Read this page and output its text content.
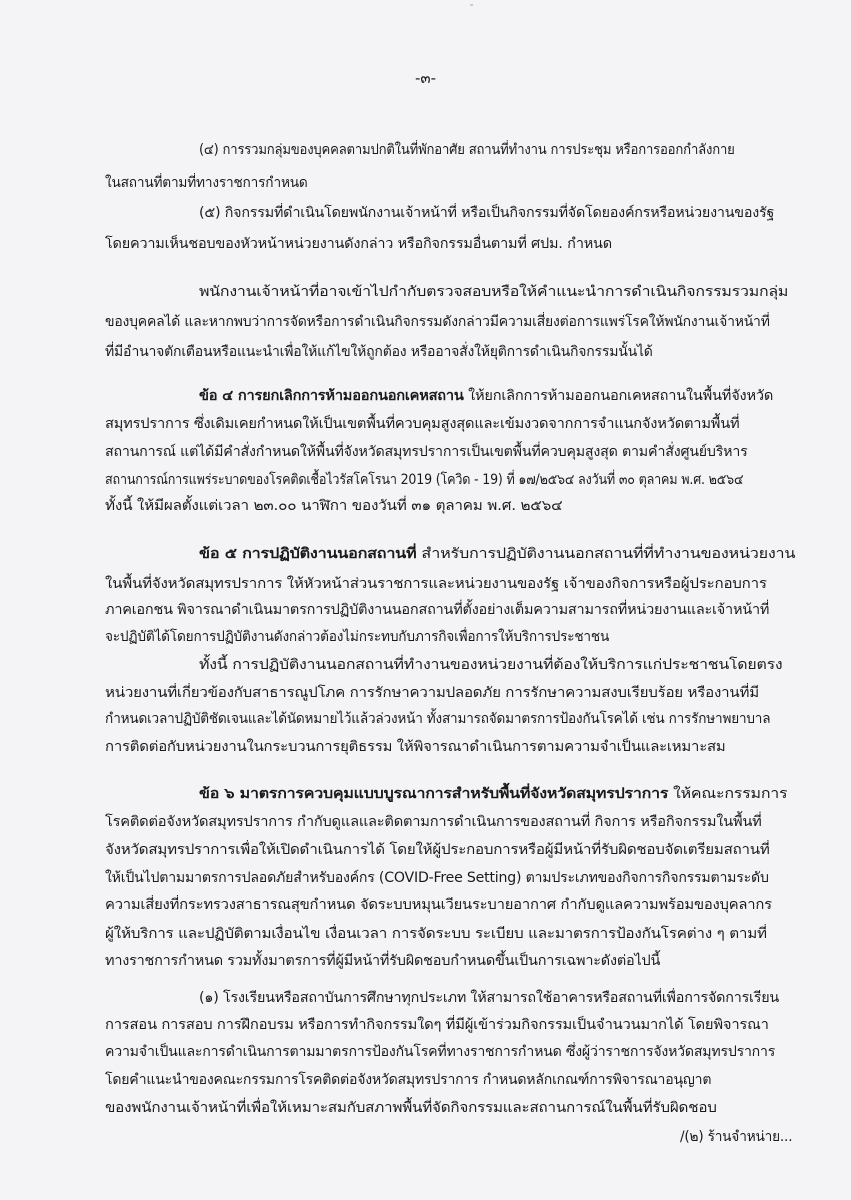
-๓-
(๔) การรวมกลุ่มของบุคคลตามปกติในที่พักอาศัย สถานที่ทำงาน การประชุม หรือการออกกำลังกาย
ในสถานที่ตามที่ทางราชการกำหนด
(๕) กิจกรรมที่ดำเนินโดยพนักงานเจ้าหน้าที่ หรือเป็นกิจกรรมที่จัดโดยองค์กรหรือหน่วยงานของรัฐ
โดยความเห็นชอบของหัวหน้าหน่วยงานดังกล่าว หรือกิจกรรมอื่นตามที่ ศปม. กำหนด
พนักงานเจ้าหน้าที่อาจเข้าไปกำกับตรวจสอบหรือให้คำแนะนำการดำเนินกิจกรรมรวมกลุ่ม
ของบุคคลได้ และหากพบว่าการจัดหรือการดำเนินกิจกรรมดังกล่าวมีความเสี่ยงต่อการแพร่โรคให้พนักงานเจ้าหน้าที่
ที่มีอำนาจตักเตือนหรือแนะนำเพื่อให้แก้ไขให้ถูกต้อง หรืออาจสั่งให้ยุติการดำเนินกิจกรรมนั้นได้
ข้อ ๔ การยกเลิกการห้ามออกนอกเคหสถาน ให้ยกเลิกการห้ามออกนอกเคหสถานในพื้นที่จังหวัด
สมุทรปราการ ซึ่งเดิมเคยกำหนดให้เป็นเขตพื้นที่ควบคุมสูงสุดและเข้มงวดจากการจำแนกจังหวัดตามพื้นที่
สถานการณ์ แต่ได้มีคำสั่งกำหนดให้พื้นที่จังหวัดสมุทรปราการเป็นเขตพื้นที่ควบคุมสูงสุด ตามคำสั่งศูนย์บริหาร
สถานการณ์การแพร่ระบาดของโรคติดเชื้อไวรัสโคโรนา 2019 (โควิด - 19) ที่ ๑๗/๒๕๖๔ ลงวันที่ ๓๐ ตุลาคม พ.ศ. ๒๕๖๔
ทั้งนี้ ให้มีผลตั้งแต่เวลา ๒๓.๐๐ นาฬิกา ของวันที่ ๓๑ ตุลาคม พ.ศ. ๒๕๖๔
ข้อ ๕ การปฏิบัติงานนอกสถานที่ สำหรับการปฏิบัติงานนอกสถานที่ที่ทำงานของหน่วยงาน
ในพื้นที่จังหวัดสมุทรปราการ ให้หัวหน้าส่วนราชการและหน่วยงานของรัฐ เจ้าของกิจการหรือผู้ประกอบการ
ภาคเอกชน พิจารณาดำเนินมาตรการปฏิบัติงานนอกสถานที่ตั้งอย่างเต็มความสามารถที่หน่วยงานและเจ้าหน้าที่
จะปฏิบัติได้โดยการปฏิบัติงานดังกล่าวต้องไม่กระทบกับภารกิจเพื่อการให้บริการประชาชน
ทั้งนี้ การปฏิบัติงานนอกสถานที่ทำงานของหน่วยงานที่ต้องให้บริการแก่ประชาชนโดยตรง
หน่วยงานที่เกี่ยวข้องกับสาธารณูปโภค การรักษาความปลอดภัย การรักษาความสงบเรียบร้อย หรืองานที่มี
กำหนดเวลาปฏิบัติชัดเจนและได้นัดหมายไว้แล้วล่วงหน้า ทั้งสามารถจัดมาตรการป้องกันโรคได้ เช่น การรักษาพยาบาล
การติดต่อกับหน่วยงานในกระบวนการยุติธรรม ให้พิจารณาดำเนินการตามความจำเป็นและเหมาะสม
ข้อ ๖ มาตรการควบคุมแบบบูรณาการสำหรับพื้นที่จังหวัดสมุทรปราการ ให้คณะกรรมการ
โรคติดต่อจังหวัดสมุทรปราการ กำกับดูแลและติดตามการดำเนินการของสถานที่ กิจการ หรือกิจกรรมในพื้นที่
จังหวัดสมุทรปราการเพื่อให้เปิดดำเนินการได้ โดยให้ผู้ประกอบการหรือผู้มีหน้าที่รับผิดชอบจัดเตรียมสถานที่
ให้เป็นไปตามมาตรการปลอดภัยสำหรับองค์กร (COVID-Free Setting) ตามประเภทของกิจการกิจกรรมตามระดับ
ความเสี่ยงที่กระทรวงสาธารณสุขกำหนด จัดระบบหมุนเวียนระบายอากาศ กำกับดูแลความพร้อมของบุคลากร
ผู้ให้บริการ และปฏิบัติตามเงื่อนไข เงื่อนเวลา การจัดระบบ ระเบียบ และมาตรการป้องกันโรคต่าง ๆ ตามที่
ทางราชการกำหนด รวมทั้งมาตรการที่ผู้มีหน้าที่รับผิดชอบกำหนดขึ้นเป็นการเฉพาะดังต่อไปนี้
(๑) โรงเรียนหรือสถาบันการศึกษาทุกประเภท ให้สามารถใช้อาคารหรือสถานที่เพื่อการจัดการเรียน
การสอน การสอบ การฝึกอบรม หรือการทำกิจกรรมใดๆ ที่มีผู้เข้าร่วมกิจกรรมเป็นจำนวนมากได้ โดยพิจารณา
ความจำเป็นและการดำเนินการตามมาตรการป้องกันโรคที่ทางราชการกำหนด ซึ่งผู้ว่าราชการจังหวัดสมุทรปราการ
โดยคำแนะนำของคณะกรรมการโรคติดต่อจังหวัดสมุทรปราการ กำหนดหลักเกณฑ์การพิจารณาอนุญาต
ของพนักงานเจ้าหน้าที่เพื่อให้เหมาะสมกับสภาพพื้นที่จัดกิจกรรมและสถานการณ์ในพื้นที่รับผิดชอบ
/(๒) ร้านจำหน่าย...
